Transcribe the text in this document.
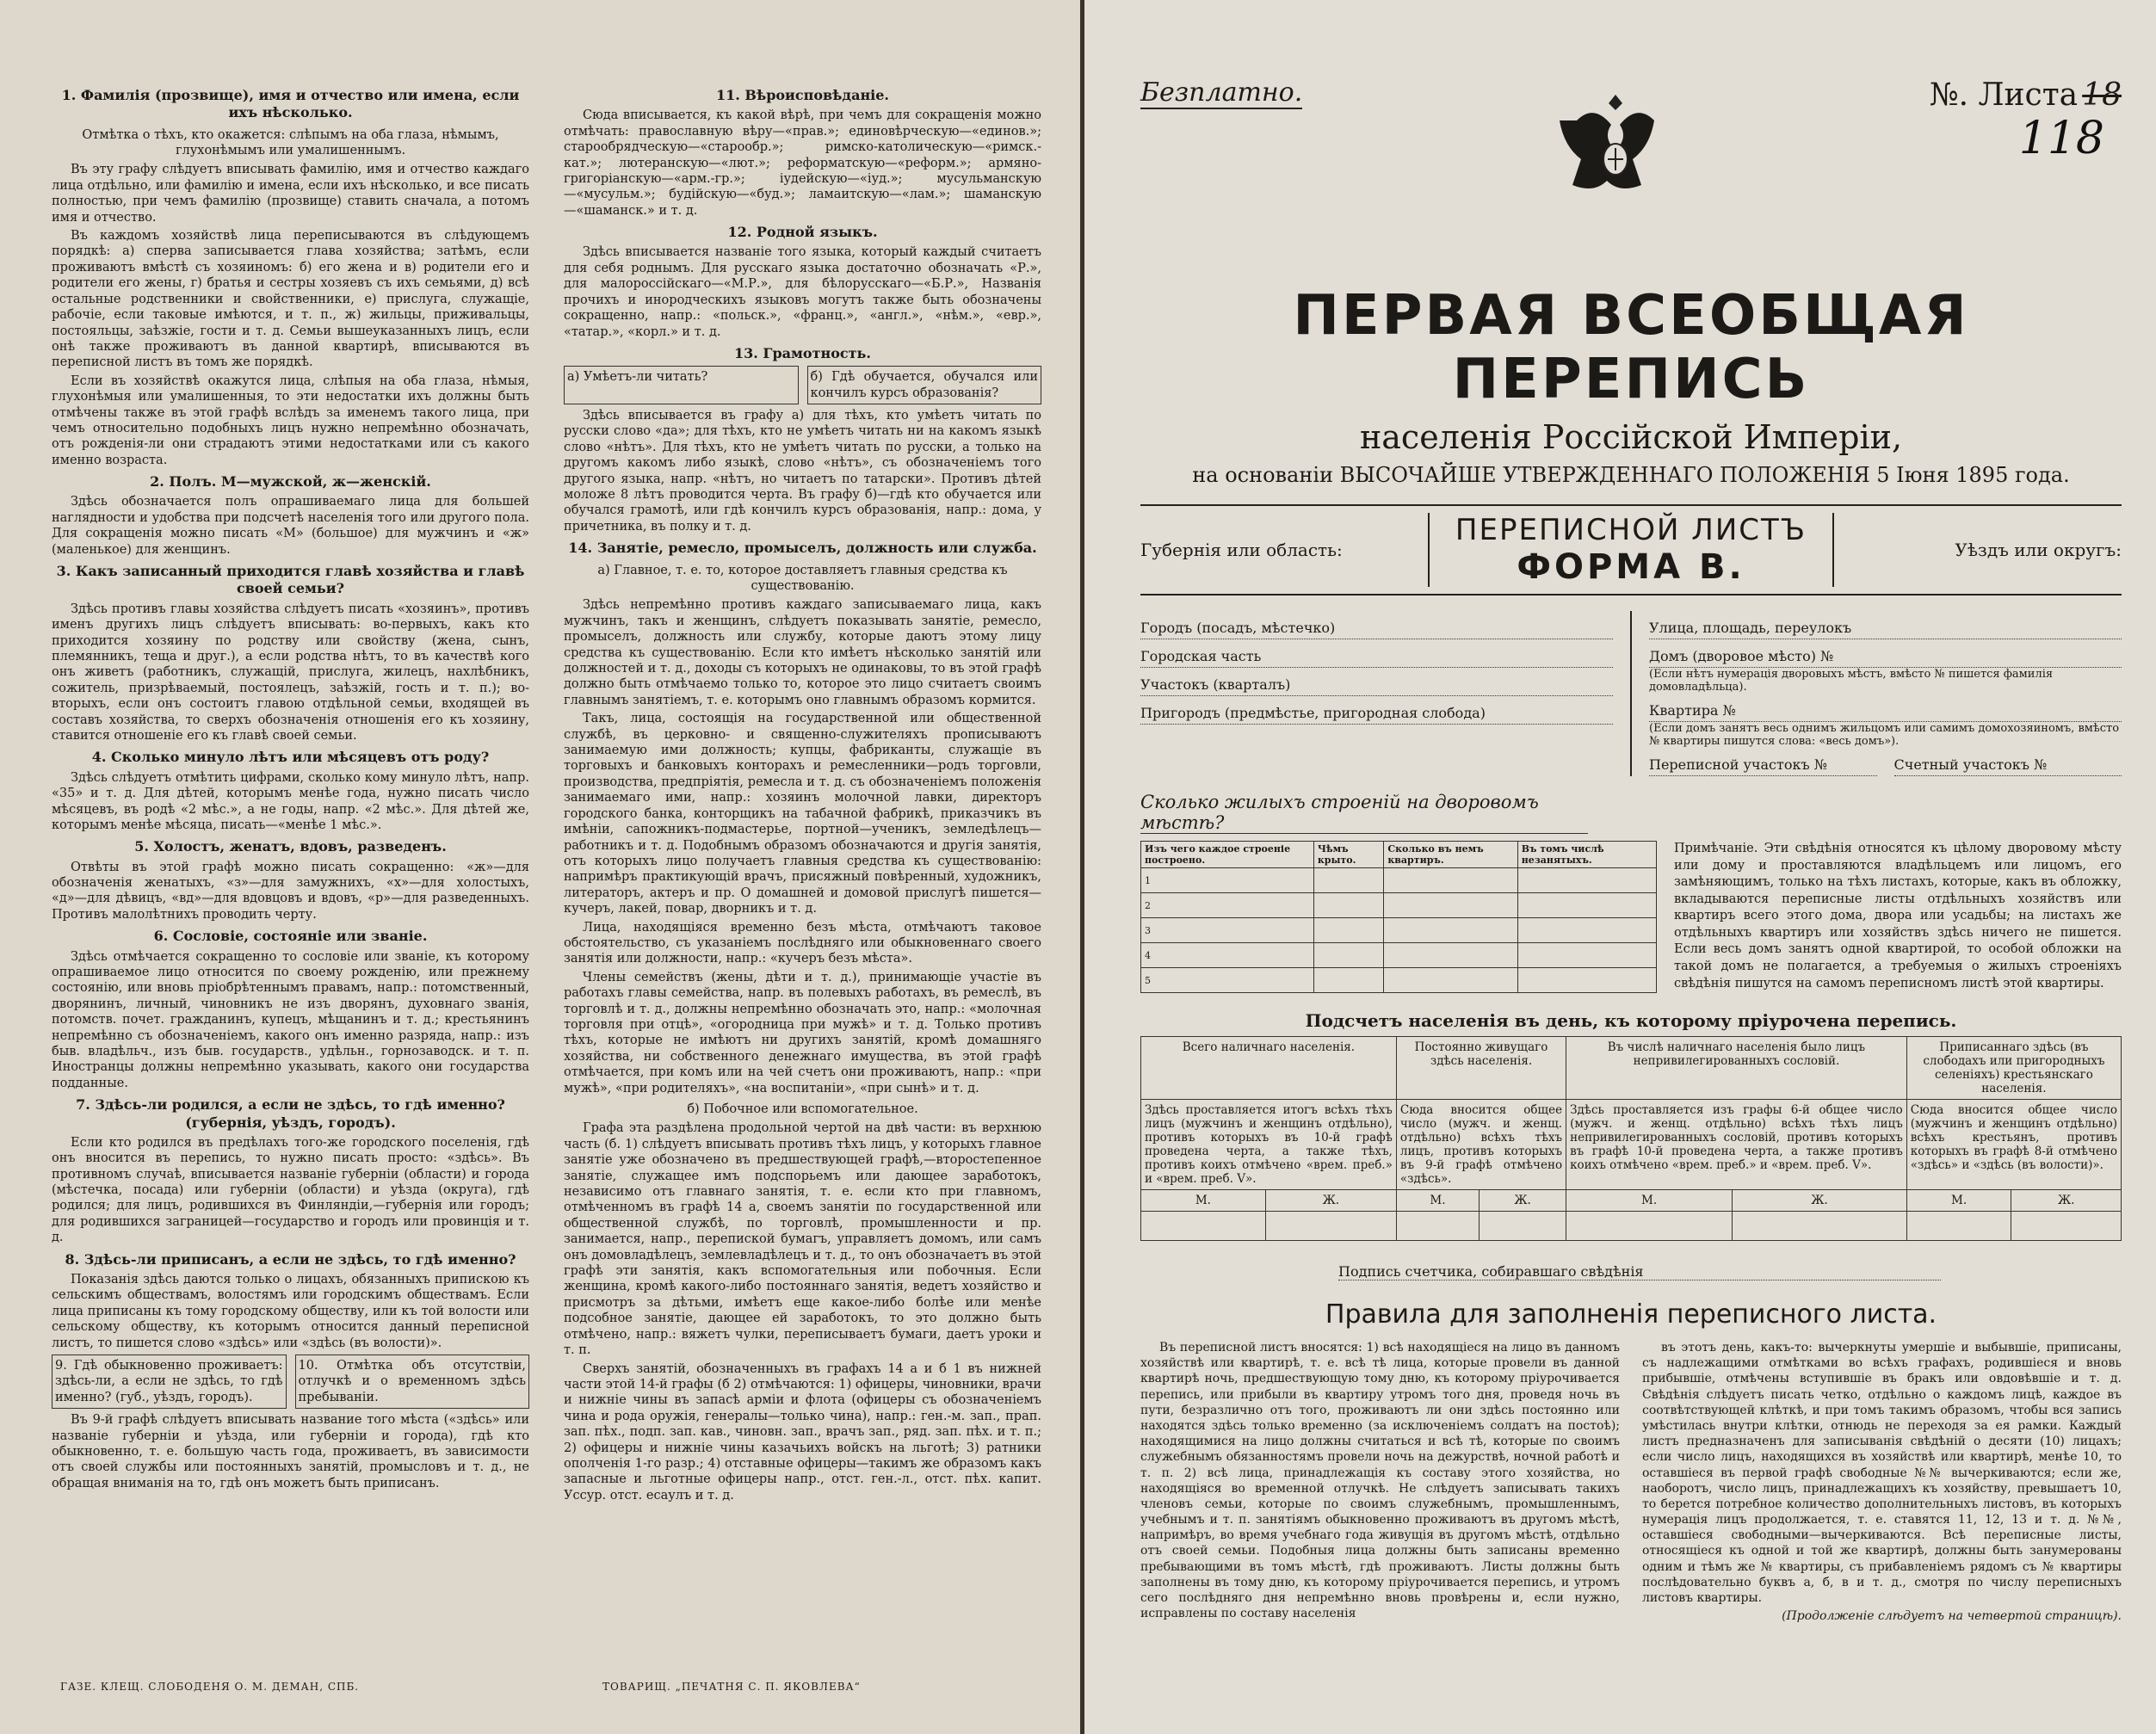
1. Фамилія (прозвище), имя и отчество или имена, если ихъ нѣсколько.
Отмѣтка о тѣхъ, кто окажется: слѣпымъ на оба глаза, нѣмымъ, глухонѣмымъ или умалишеннымъ.

Въ эту графу слѣдуетъ вписывать фамилію, имя и отчество каждаго лица отдѣльно, или фамилію и имена, если ихъ нѣсколько, и все писать полностью, при чемъ фамилію (прозвище) ставить сначала, а потомъ имя и отчество.

Въ каждомъ хозяйствѣ лица переписываются въ слѣдующемъ порядкѣ: а) сперва записывается глава хозяйства; затѣмъ, если проживаютъ вмѣстѣ съ хозяиномъ: б) его жена и в) родители его и родители его жены, г) братья и сестры хозяевъ съ ихъ семьями, д) всѣ остальные родственники и свойственники, е) прислуга, служащіе, рабочіе, если таковые имѣются, и т. п., ж) жильцы, приживальцы, постояльцы, заѣзжіе, гости и т. д. Семьи вышеуказанныхъ лицъ, если онѣ также проживаютъ въ данной квартирѣ, вписываются въ переписной листъ въ томъ же порядкѣ.

Если въ хозяйствѣ окажутся лица, слѣпыя на оба глаза, нѣмыя, глухонѣмыя или умалишенныя, то эти недостатки ихъ должны быть отмѣчены также въ этой графѣ вслѣдъ за именемъ такого лица, при чемъ относительно подобныхъ лицъ нужно непремѣнно обозначать, отъ рожденія-ли они страдаютъ этими недостатками или съ какого именно возраста.

2. Полъ. М—мужской, ж—женскій.

Здѣсь обозначается полъ опрашиваемаго лица для большей наглядности и удобства при подсчетѣ населенія того или другого пола. Для сокращенія можно писать «М» (большое) для мужчинъ и «ж» (маленькое) для женщинъ.

3. Какъ записанный приходится главѣ хозяйства и главѣ своей семьи?

Здѣсь противъ главы хозяйства слѣдуетъ писать «хозяинъ», противъ именъ другихъ лицъ слѣдуетъ вписывать: во-первыхъ, какъ кто приходится хозяину по родству или свойству (жена, сынъ, племянникъ, теща и друг.), а если родства нѣтъ, то въ качествѣ кого онъ живетъ (работникъ, служащій, прислуга, жилецъ, нахлѣбникъ, сожитель, призрѣваемый, постоялецъ, заѣзжій, гость и т. п.); во-вторыхъ, если онъ состоитъ главою отдѣльной семьи, входящей въ составъ хозяйства, то сверхъ обозначенія отношенія его къ хозяину, ставится отношеніе его къ главѣ своей семьи.

4. Сколько минуло лѣтъ или мѣсяцевъ отъ роду?

Здѣсь слѣдуетъ отмѣтить цифрами, сколько кому минуло лѣтъ, напр. «35» и т. д. Для дѣтей, которымъ менѣе года, нужно писать число мѣсяцевъ, въ родѣ «2 мѣс.», а не годы, напр. «2 мѣс.». Для дѣтей же, которымъ менѣе мѣсяца, писать—«менѣе 1 мѣс.».

5. Холостъ, женатъ, вдовъ, разведенъ.

Отвѣты въ этой графѣ можно писать сокращенно: «ж»—для обозначенія женатыхъ, «з»—для замужнихъ, «х»—для холостыхъ, «д»—для дѣвицъ, «вд»—для вдовцовъ и вдовъ, «р»—для разведенныхъ. Противъ малолѣтнихъ проводить черту.

6. Сословіе, состояніе или званіе.

Здѣсь отмѣчается сокращенно то сословіе или званіе, къ которому опрашиваемое лицо относится по своему рожденію, или прежнему состоянію, или вновь пріобрѣтеннымъ правамъ, напр.: потомственный, дворянинъ, личный, чиновникъ не изъ дворянъ, духовнаго званія, потомств. почет. гражданинъ, купецъ, мѣщанинъ и т. д.; крестьянинъ непремѣнно съ обозначеніемъ, какого онъ именно разряда, напр.: изъ быв. владѣльч., изъ быв. государств., удѣльн., горнозаводск. и т. п. Иностранцы должны непремѣнно указывать, какого они государства подданные.

7. Здѣсь-ли родился, а если не здѣсь, то гдѣ именно? (губернія, уѣздъ, городъ).

Если кто родился въ предѣлахъ того-же городского поселенія, гдѣ онъ вносится въ перепись, то нужно писать просто: «здѣсь». Въ противномъ случаѣ, вписывается названіе губерніи (области) и города (мѣстечка, посада) или губерніи (области) и уѣзда (округа), гдѣ родился; для лицъ, родившихся въ Финляндіи,—губернія или городъ; для родившихся заграницей—государство и городъ или провинція и т. д.

8. Здѣсь-ли приписанъ, а если не здѣсь, то гдѣ именно?

Показанія здѣсь даются только о лицахъ, обязанныхъ припискою къ сельскимъ обществамъ, волостямъ или городскимъ обществамъ. Если лица приписаны къ тому городскому обществу, или къ той волости или сельскому обществу, къ которымъ относится данный переписной листъ, то пишется слово «здѣсь» или «здѣсь (въ волости)».

9. Гдѣ обыкновенно проживаетъ: здѣсь-ли, а если не здѣсь, то гдѣ именно? (губ., уѣздъ, городъ).
10. Отмѣтка объ отсутствіи, отлучкѣ и о временномъ здѣсь пребываніи.

Въ 9-й графѣ слѣдуетъ вписывать название того мѣста («здѣсь» или названіе губерніи и уѣзда, или губерніи и города), гдѣ кто обыкновенно, т. е. большую часть года, проживаетъ, въ зависимости отъ своей службы или постоянныхъ занятій, промысловъ и т. д., не обращая вниманія на то, гдѣ онъ можетъ быть приписанъ.

11. Вѣроисповѣданіе.

Сюда вписывается, къ какой вѣрѣ, при чемъ для сокращенія можно отмѣчать: православную вѣру—«прав.»; единовѣрческую—«единов.»; старообрядческую—«старообр.»; римско-католическую—«римск.-кат.»; лютеранскую—«лют.»; реформатскую—«реформ.»; армяно-григоріанскую—«арм.-гр.»; іудейскую—«іуд.»; мусульманскую—«мусульм.»; будійскую—«буд.»; ламаитскую—«лам.»; шаманскую—«шаманск.» и т. д.

12. Родной языкъ.

Здѣсь вписывается названіе того языка, который каждый считаетъ для себя роднымъ. Для русскаго языка достаточно обозначать «Р.», для малороссійскаго—«М.Р.», для бѣлорусскаго—«Б.Р.», Названія прочихъ и инородческихъ языковъ могутъ также быть обозначены сокращенно, напр.: «польск.», «франц.», «англ.», «нѣм.», «евр.», «татар.», «корл.» и т. д.

13. Грамотность.
а) Умѣетъ-ли читать?	б) Гдѣ обучается, обучался или кончилъ курсъ образованія?

Здѣсь вписывается въ графу а) для тѣхъ, кто умѣетъ читать по русски слово «да»; для тѣхъ, кто не умѣетъ читать ни на какомъ языкѣ слово «нѣтъ». Для тѣхъ, кто не умѣетъ читать по русски, а только на другомъ какомъ либо языкѣ, слово «нѣтъ», съ обозначеніемъ того другого языка, напр. «нѣтъ, но читаетъ по татарски». Противъ дѣтей моложе 8 лѣтъ проводится черта. Въ графу б)—гдѣ кто обучается или обучался грамотѣ, или гдѣ кончилъ курсъ образованія, напр.: дома, у причетника, въ полку и т. д.

14. Занятіе, ремесло, промыселъ, должность или служба.
а) Главное, т. е. то, которое доставляетъ главныя средства къ существованію.

Здѣсь непремѣнно противъ каждаго записываемаго лица, какъ мужчинъ, такъ и женщинъ, слѣдуетъ показывать занятіе, ремесло, промыселъ, должность или службу, которые даютъ этому лицу средства къ существованію. Если кто имѣетъ нѣсколько занятій или должностей и т. д., доходы съ которыхъ не одинаковы, то въ этой графѣ должно быть отмѣчаемо только то, которое это лицо считаетъ своимъ главнымъ занятіемъ, т. е. которымъ оно главнымъ образомъ кормится.

Такъ, лица, состоящія на государственной или общественной службѣ, въ церковно- и священно-служителяхъ прописываютъ занимаемую ими должность; купцы, фабриканты, служащіе въ торговыхъ и банковыхъ конторахъ и ремесленники—родъ торговли, производства, предпріятія, ремесла и т. д. съ обозначеніемъ положенія занимаемаго ими, напр.: хозяинъ молочной лавки, директоръ городского банка, конторщикъ на табачной фабрикѣ, приказчикъ въ имѣніи, сапожникъ-подмастерье, портной—ученикъ, земледѣлецъ—работникъ и т. д. Подобнымъ образомъ обозначаются и другія занятія, отъ которыхъ лицо получаетъ главныя средства къ существованію: напримѣръ практикующій врачъ, присяжный повѣренный, художникъ, литераторъ, актеръ и пр. О домашней и домовой прислугѣ пишется—кучеръ, лакей, повар, дворникъ и т. д.

Лица, находящіяся временно безъ мѣста, отмѣчаютъ таковое обстоятельство, съ указаніемъ послѣдняго или обыкновеннаго своего занятія или должности, напр.: «кучеръ безъ мѣста».

Члены семействъ (жены, дѣти и т. д.), принимающіе участіе въ работахъ главы семейства, напр. въ полевыхъ работахъ, въ ремеслѣ, въ торговлѣ и т. д., должны непремѣнно обозначать это, напр.: «молочная торговля при отцѣ», «огородница при мужѣ» и т. д. Только противъ тѣхъ, которые не имѣютъ ни другихъ занятій, кромѣ домашняго хозяйства, ни собственного денежнаго имущества, въ этой графѣ отмѣчается, при комъ или на чей счетъ они проживаютъ, напр.: «при мужѣ», «при родителяхъ», «на воспитаніи», «при сынѣ» и т. д.

б) Побочное или вспомогательное.

Графа эта раздѣлена продольной чертой на двѣ части: въ верхнюю часть (б. 1) слѣдуетъ вписывать противъ тѣхъ лицъ, у которыхъ главное занятіе уже обозначено въ предшествующей графѣ,—второстепенное занятіе, служащее имъ подспорьемъ или дающее заработокъ, независимо отъ главнаго занятія, т. е. если кто при главномъ, отмѣченномъ въ графѣ 14 а, своемъ занятіи по государственной или общественной службѣ, по торговлѣ, промышленности и пр. занимается, напр., перепиской бумагъ, управляетъ домомъ, или самъ онъ домовладѣлецъ, землевладѣлецъ и т. д., то онъ обозначаетъ въ этой графѣ эти занятія, какъ вспомогательныя или побочныя. Если женщина, кромѣ какого-либо постояннаго занятія, ведетъ хозяйство и присмотръ за дѣтьми, имѣетъ еще какое-либо болѣе или менѣе подсобное занятіе, дающее ей заработокъ, то это должно быть отмѣчено, напр.: вяжетъ чулки, переписываетъ бумаги, даетъ уроки и т. п.

Сверхъ занятій, обозначенныхъ въ графахъ 14 а и б 1 въ нижней части этой 14-й графы (б 2) отмѣчаются: 1) офицеры, чиновники, врачи и нижніе чины въ запасѣ армiи и флота (офицеры съ обозначеніемъ чина и рода оружія, генералы—только чина), напр.: ген.-м. зап., прап. зап. пѣх., подп. зап. кав., чиновн. зап., врачъ зап., ряд. зап. пѣх. и т. п.; 2) офицеры и нижніе чины казачьихъ войскъ на льготѣ; 3) ратники ополченія 1-го разр.; 4) отставные офицеры—такимъ же образомъ какъ запасные и льготные офицеры напр., отст. ген.-л., отст. пѣх. капит. Уссур. отст. есаулъ и т. д.

ГАЗЕ. КЛЕЩ. СЛОБОДЕНЯ О. М. ДЕМАН, СПБ.	ТОВАРИЩ. „ПЕЧАТНЯ С. П. ЯКОВЛЕВА“
Безплатно.	№. Листа 18
118
ПЕРВАЯ ВСЕОБЩАЯ ПЕРЕПИСЬ
населенія Россійской Имперіи,
на основаніи ВЫСОЧАЙШЕ УТВЕРЖДЕННАГО ПОЛОЖЕНІЯ 5 Іюня 1895 года.
Губернія или область:
ПЕРЕПИСНОЙ ЛИСТЪ
ФОРМА В.	Уѣздъ или округъ:
Городъ (посадъ, мѣстечко)
Городская часть
Участокъ (кварталъ)
Пригородъ (предмѣстье, пригородная слобода)
Улица, площадь, переулокъ
Домъ (дворовое мѣсто) №
(Если нѣтъ нумерація дворовыхъ мѣстъ, вмѣсто № пишется фамилія домовладѣльца).
Квартира №
(Если домъ занятъ весь однимъ жильцомъ или самимъ домохозяиномъ, вмѣсто № квартиры пишутся слова: «весь домъ»).
Переписной участокъ №	Счетный участокъ №
Сколько жилыхъ строеній на дворовомъ мѣстѣ?
Изъ чего каждое строеніе построено.	Чѣмъ крыто.	Сколько въ немъ квартиръ.	Въ томъ числѣ незанятыхъ.
1			
2			
3			
4			
5			
Примѣчаніе. Эти свѣдѣнія относятся къ цѣлому дворовому мѣсту или дому и проставляются владѣльцемъ или лицомъ, его замѣняющимъ, только на тѣхъ листахъ, которые, какъ въ обложку, вкладываются переписные листы отдѣльныхъ хозяйствъ или квартиръ всего этого дома, двора или усадьбы; на листахъ же отдѣльныхъ квартиръ или хозяйствъ здѣсь ничего не пишется. Если весь домъ занятъ одной квартирой, то особой обложки на такой домъ не полагается, а требуемыя о жилыхъ строеніяхъ свѣдѣнія пишутся на самомъ переписномъ листѣ этой квартиры.
Подсчетъ населенія въ день, къ которому пріурочена перепись.
Всего наличнаго населенія.		Постоянно живущаго здѣсь населенія.		Въ числѣ наличнаго населенія было лицъ непривилегированныхъ сословій.		Приписаннаго здѣсь (въ слободахъ или пригородныхъ селеніяхъ) крестьянскаго населенія.	
Здѣсь проставляется итогъ всѣхъ тѣхъ лицъ (мужчинъ и женщинъ отдѣльно), противъ которыхъ въ 10-й графѣ проведена черта, а также тѣхъ, противъ коихъ отмѣчено «врем. преб.» и «врем. преб. V».		Сюда вносится общее число (мужч. и женщ. отдѣльно) всѣхъ тѣхъ лицъ, противъ которыхъ въ 9-й графѣ отмѣчено «здѣсь».		Здѣсь проставляется изъ графы 6-й общее число (мужч. и женщ. отдѣльно) всѣхъ тѣхъ лицъ непривилегированныхъ сословій, противъ которыхъ въ графѣ 10-й проведена черта, а также противъ коихъ отмѣчено «врем. преб.» и «врем. преб. V».		Сюда вносится общее число (мужчинъ и женщинъ отдѣльно) всѣхъ крестьянъ, противъ которыхъ въ графѣ 8-й отмѣчено «здѣсь» и «здѣсь (въ волости)».	
М.	Ж.	М.	Ж.	М.	Ж.	М.	Ж.

Подпись счетчика, собиравшаго свѣдѣнія
Правила для заполненія переписного листа.

Въ переписной листъ вносятся: 1) всѣ находящіеся на лицо въ данномъ хозяйствѣ или квартирѣ, т. е. всѣ тѣ лица, которые провели въ данной квартирѣ ночь, предшествующую тому дню, къ которому пріурочивается перепись, или прибыли въ квартиру утромъ того дня, проведя ночь въ пути, безразлично отъ того, проживаютъ ли они здѣсь постоянно или находятся здѣсь только временно (за исключеніемъ солдатъ на постоѣ); находящимися на лицо должны считаться и всѣ тѣ, которые по своимъ служебнымъ обязанностямъ провели ночь на дежурствѣ, ночной работѣ и т. п. 2) всѣ лица, принадлежащія къ составу этого хозяйства, но находящіяся во временной отлучкѣ. Не слѣдуетъ записывать такихъ членовъ семьи, которые по своимъ служебнымъ, промышленнымъ, учебнымъ и т. п. занятіямъ обыкновенно проживаютъ въ другомъ мѣстѣ, напримѣръ, во время учебнаго года живущія въ другомъ мѣстѣ, отдѣльно отъ своей семьи. Подобныя лица должны быть записаны временно пребывающими въ томъ мѣстѣ, гдѣ проживаютъ. Листы должны быть заполнены въ тому дню, къ которому пріурочивается перепись, и утромъ сего послѣдняго дня непремѣнно вновь провѣрены и, если нужно, исправлены по составу населенія

въ этотъ день, какъ-то: вычеркнуты умершіе и выбывшіе, приписаны, съ надлежащими отмѣтками во всѣхъ графахъ, родившіеся и вновь прибывшіе, отмѣчены вступившіе въ бракъ или овдовѣвшіе и т. д. Свѣдѣнія слѣдуетъ писать четко, отдѣльно о каждомъ лицѣ, каждое въ соотвѣтствующей клѣткѣ, и при томъ такимъ образомъ, чтобы вся запись умѣстилась внутри клѣтки, отнюдь не переходя за ея рамки. Каждый листъ предназначенъ для записыванія свѣдѣній о десяти (10) лицахъ; если число лицъ, находящихся въ хозяйствѣ или квартирѣ, менѣе 10, то оставшіеся въ первой графѣ свободные №№ вычеркиваются; если же, наоборотъ, число лицъ, принадлежащихъ къ хозяйству, превышаетъ 10, то берется потребное количество дополнительныхъ листовъ, въ которыхъ нумерація лицъ продолжается, т. е. ставятся 11, 12, 13 и т. д. №№, оставшіеся свободными—вычеркиваются. Всѣ переписные листы, относящіеся къ одной и той же квартирѣ, должны быть занумерованы одним и тѣмъ же № квартиры, съ прибавленіемъ рядомъ съ № квартиры послѣдовательно буквъ а, б, в и т. д., смотря по числу переписныхъ листовъ квартиры.

(Продолженіе слѣдуетъ на четвертой страницѣ).
